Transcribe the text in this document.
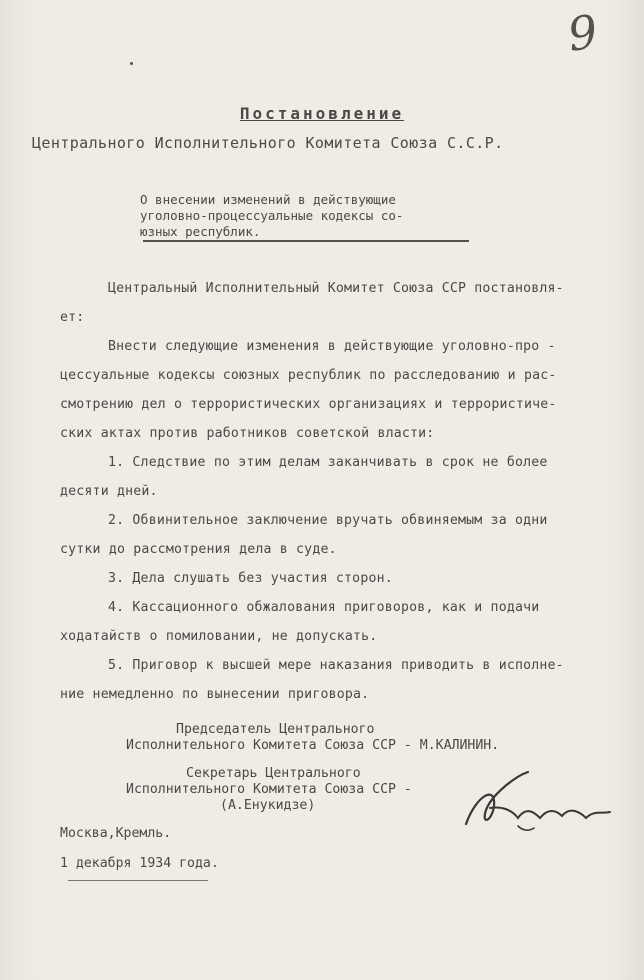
9
Постановление
Центрального Исполнительного Комитета Союза С.С.Р.
О внесении изменений в действующие
уголовно-процессуальные кодексы со-
юзных республик.
Центральный Исполнительный Комитет Союза ССР постановля-
ет:
Внести следующие изменения в действующие уголовно-про -
цессуальные кодексы союзных республик по расследованию и рас-
смотрению дел о террористических организациях и террористиче-
ских актах против работников советской власти:
1. Следствие по этим делам заканчивать в срок не более
десяти дней.
2. Обвинительное заключение вручать обвиняемым за одни
сутки до рассмотрения дела в суде.
3. Дела слушать без участия сторон.
4. Кассационного обжалования приговоров, как и подачи
ходатайств о помиловании, не допускать.
5. Приговор к высшей мере наказания приводить в исполне-
ние немедленно по вынесении приговора.
Председатель Центрального
Исполнительного Комитета Союза ССР - М.КАЛИНИН.
Секретарь Центрального
Исполнительного Комитета Союза ССР -
(А.Енукидзе)
Москва,Кремль.
1 декабря 1934 года.
